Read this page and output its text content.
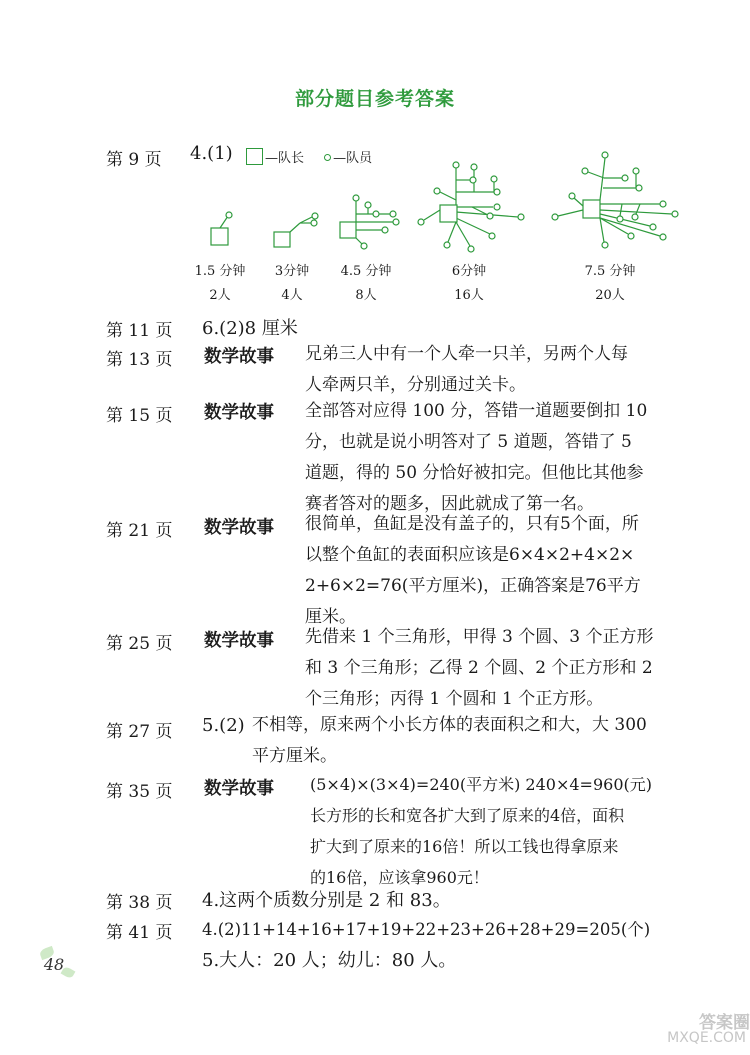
部分题目参考答案
第 9 页 4.(1)	—队长 —队员
1.5 分钟
2人
3分钟
4人
4.5 分钟
8人
6分钟
16人
7.5 分钟
20人
第 11 页 6.(2)8 厘米
第 13 页 数学故事 兄弟三人中有一个人牵一只羊，另两个人每
人牵两只羊，分别通过关卡。
第 15 页 数学故事 全部答对应得 100 分，答错一道题要倒扣 10
分，也就是说小明答对了 5 道题，答错了 5
道题，得的 50 分恰好被扣完。但他比其他参
赛者答对的题多，因此就成了第一名。
第 21 页 数学故事 很简单，鱼缸是没有盖子的，只有5个面，所
以整个鱼缸的表面积应该是6×4×2+4×2×
2+6×2=76(平方厘米)，正确答案是76平方
厘米。
第 25 页 数学故事 先借来 1 个三角形，甲得 3 个圆、3 个正方形
和 3 个三角形；乙得 2 个圆、2 个正方形和 2
个三角形；丙得 1 个圆和 1 个正方形。
第 27 页 5.(2) 不相等，原来两个小长方体的表面积之和大，大 300
平方厘米。
第 35 页 数学故事 (5×4)×(3×4)=240(平方米) 240×4=960(元)
长方形的长和宽各扩大到了原来的4倍，面积
扩大到了原来的16倍！所以工钱也得拿原来
的16倍，应该拿960元！
第 38 页 4.这两个质数分别是 2 和 83。
第 41 页 4.(2)11+14+16+17+19+22+23+26+28+29=205(个)
5.大人：20 人；幼儿：80 人。
48
答案圈
MXQE.COM
